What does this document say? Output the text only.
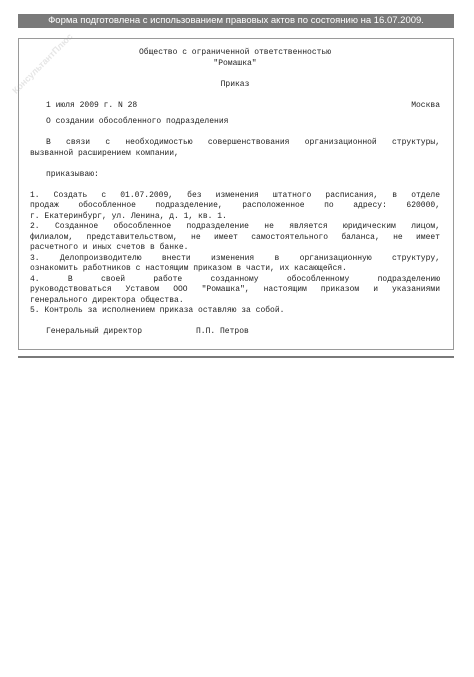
Форма подготовлена с использованием правовых актов по состоянию на 16.07.2009.
КонсультантПлюс	Общество с ограниченной ответственностью
"Ромашка"
Приказ
1 июля 2009 г. N 28	Москва
О создании обособленного подразделения
В связи с необходимостью совершенствования организационной структуры,
вызванной расширением компании,
приказываю:
1. Создать с 01.07.2009, без изменения штатного расписания, в отделе
продаж обособленное подразделение, расположенное по адресу: 620000,
г. Екатеринбург, ул. Ленина, д. 1, кв. 1.
2. Созданное обособленное подразделение не является юридическим лицом,
филиалом, представительством, не имеет самостоятельного баланса, не имеет
расчетного и иных счетов в банке.
3. Делопроизводителю внести изменения в организационную структуру,
ознакомить работников с настоящим приказом в части, их касающейся.
4. В своей работе созданному обособленному подразделению
руководствоваться Уставом ООО "Ромашка", настоящим приказом и указаниями
генерального директора общества.
5. Контроль за исполнением приказа оставляю за собой.
Генеральный директор	П.П. Петров
